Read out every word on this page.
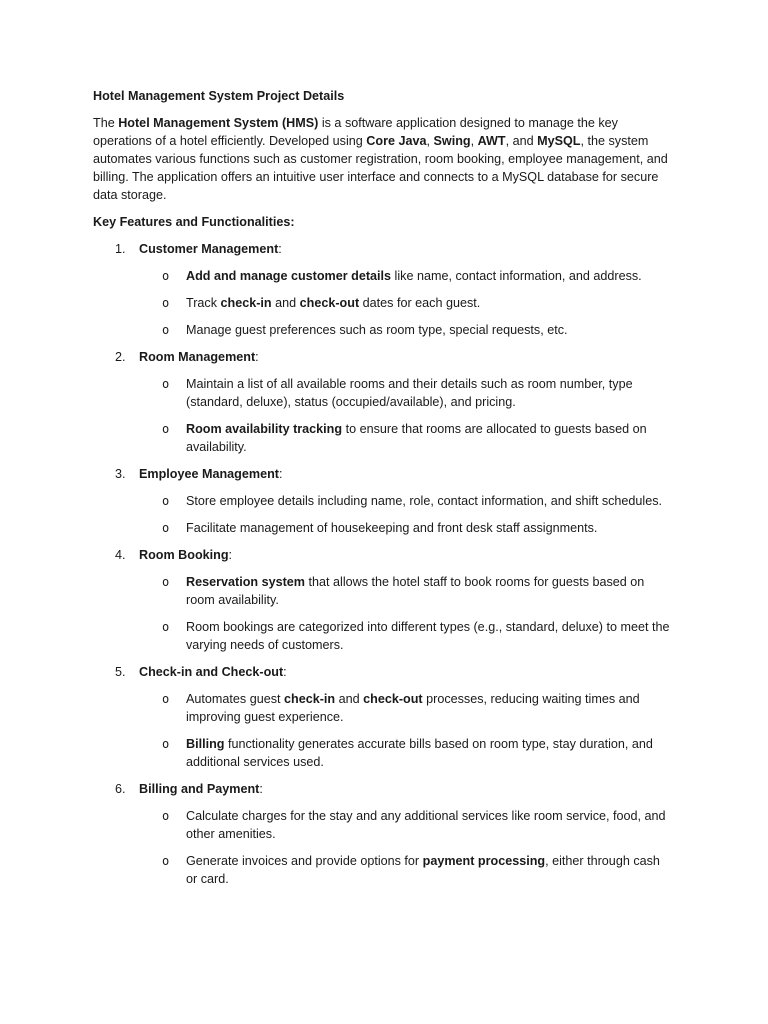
Hotel Management System Project Details

The Hotel Management System (HMS) is a software application designed to manage the key operations of a hotel efficiently. Developed using Core Java, Swing, AWT, and MySQL, the system automates various functions such as customer registration, room booking, employee management, and billing. The application offers an intuitive user interface and connects to a MySQL database for secure data storage.

Key Features and Functionalities:

1. Customer Management:

o Add and manage customer details like name, contact information, and address.
o Track check-in and check-out dates for each guest.
o Manage guest preferences such as room type, special requests, etc.
2. Room Management:

o Maintain a list of all available rooms and their details such as room number, type (standard, deluxe), status (occupied/available), and pricing.
o Room availability tracking to ensure that rooms are allocated to guests based on availability.
3. Employee Management:

o Store employee details including name, role, contact information, and shift schedules.
o Facilitate management of housekeeping and front desk staff assignments.
4. Room Booking:

o Reservation system that allows the hotel staff to book rooms for guests based on room availability.
o Room bookings are categorized into different types (e.g., standard, deluxe) to meet the varying needs of customers.
5. Check-in and Check-out:

o Automates guest check-in and check-out processes, reducing waiting times and improving guest experience.
o Billing functionality generates accurate bills based on room type, stay duration, and additional services used.
6. Billing and Payment:

o Calculate charges for the stay and any additional services like room service, food, and other amenities.
o Generate invoices and provide options for payment processing, either through cash or card.
